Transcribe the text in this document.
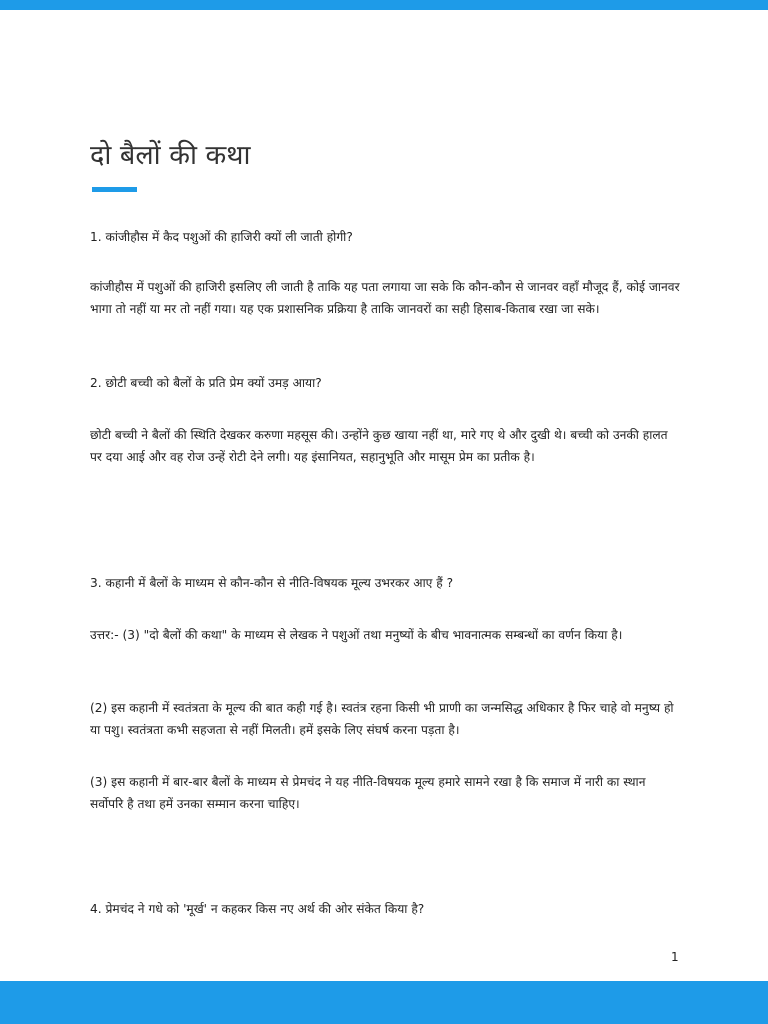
दो बैलों की कथा

1. कांजीहौस में कैद पशुओं की हाजिरी क्यों ली जाती होगी?

कांजीहौस में पशुओं की हाजिरी इसलिए ली जाती है ताकि यह पता लगाया जा सके कि कौन-कौन से जानवर वहाँ मौजूद हैं, कोई जानवर भागा तो नहीं या मर तो नहीं गया। यह एक प्रशासनिक प्रक्रिया है ताकि जानवरों का सही हिसाब-किताब रखा जा सके।

2. छोटी बच्ची को बैलों के प्रति प्रेम क्यों उमड़ आया?

छोटी बच्ची ने बैलों की स्थिति देखकर करुणा महसूस की। उन्होंने कुछ खाया नहीं था, मारे गए थे और दुखी थे। बच्ची को उनकी हालत पर दया आई और वह रोज उन्हें रोटी देने लगी। यह इंसानियत, सहानुभूति और मासूम प्रेम का प्रतीक है।

3. कहानी में बैलों के माध्यम से कौन-कौन से नीति-विषयक मूल्य उभरकर आए हैं ?

उत्तर:- (3) "दो बैलों की कथा" के माध्यम से लेखक ने पशुओं तथा मनुष्यों के बीच भावनात्मक सम्बन्धों का वर्णन किया है।

(2) इस कहानी में स्वतंत्रता के मूल्य की बात कही गई है। स्वतंत्र रहना किसी भी प्राणी का जन्मसिद्ध अधिकार है फिर चाहे वो मनुष्य हो या पशु। स्वतंत्रता कभी सहजता से नहीं मिलती। हमें इसके लिए संघर्ष करना पड़ता है।

(3) इस कहानी में बार-बार बैलों के माध्यम से प्रेमचंद ने यह नीति-विषयक मूल्य हमारे सामने रखा है कि समाज में नारी का स्थान सर्वोपरि है तथा हमें उनका सम्मान करना चाहिए।

4. प्रेमचंद ने गधे को 'मूर्ख' न कहकर किस नए अर्थ की ओर संकेत किया है?

1
